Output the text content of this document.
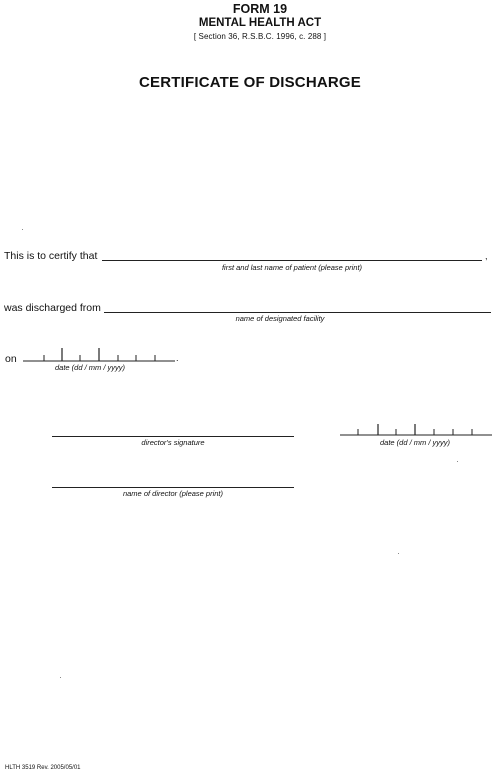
FORM 19
MENTAL HEALTH ACT
[ Section 36, R.S.B.C. 1996, c. 288 ]
CERTIFICATE OF DISCHARGE
This is to certify that	,
first and last name of patient (please print)
was discharged from
name of designated facility
on	.
date (dd / mm / yyyy)
director's signature	date (dd / mm / yyyy)
name of director (please print)
HLTH 3519 Rev. 2005/05/01
